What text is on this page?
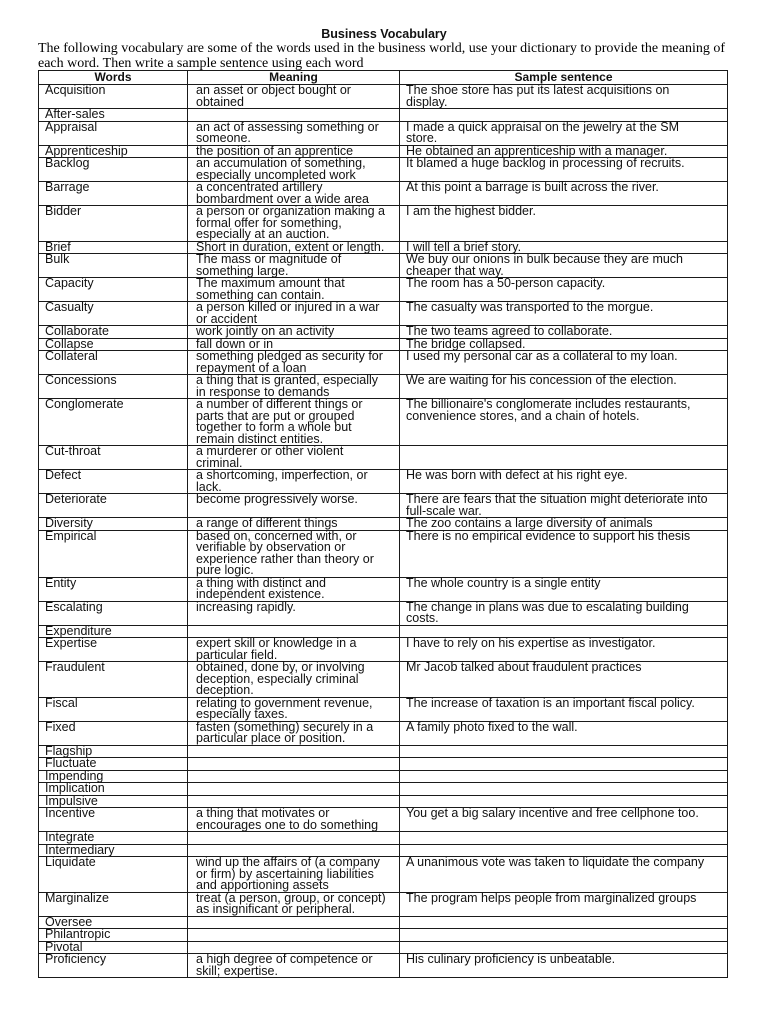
Business Vocabulary

The following vocabulary are some of the words used in the business world, use your dictionary to provide the meaning of each word. Then write a sample sentence using each word

Words	Meaning	Sample sentence
Acquisition	an asset or object bought or obtained	The shoe store has put its latest acquisitions on display.
After-sales		
Appraisal	an act of assessing something or someone.	I made a quick appraisal on the jewelry at the SM store.
Apprenticeship	the position of an apprentice	He obtained an apprenticeship with a manager.
Backlog	an accumulation of something, especially uncompleted work	It blamed a huge backlog in processing of recruits.
Barrage	a concentrated artillery bombardment over a wide area	At this point a barrage is built across the river.
Bidder	a person or organization making a formal offer for something, especially at an auction.	I am the highest bidder.
Brief	Short in duration, extent or length.	I will tell a brief story.
Bulk	The mass or magnitude of something large.	We buy our onions in bulk because they are much cheaper that way.
Capacity	The maximum amount that something can contain.	The room has a 50-person capacity.
Casualty	a person killed or injured in a war or accident	The casualty was transported to the morgue.
Collaborate	work jointly on an activity	The two teams agreed to collaborate.
Collapse	fall down or in	The bridge collapsed.
Collateral	something pledged as security for repayment of a loan	I used my personal car as a collateral to my loan.
Concessions	a thing that is granted, especially in response to demands	We are waiting for his concession of the election.
Conglomerate	a number of different things or parts that are put or grouped together to form a whole but remain distinct entities.	The billionaire's conglomerate includes restaurants, convenience stores, and a chain of hotels.
Cut-throat	a murderer or other violent criminal.	
Defect	a shortcoming, imperfection, or lack.	He was born with defect at his right eye.
Deteriorate	become progressively worse.	There are fears that the situation might deteriorate into full-scale war.
Diversity	a range of different things	The zoo contains a large diversity of animals
Empirical	based on, concerned with, or verifiable by observation or experience rather than theory or pure logic.	There is no empirical evidence to support his thesis
Entity	a thing with distinct and independent existence.	The whole country is a single entity
Escalating	increasing rapidly.	The change in plans was due to escalating building costs.
Expenditure		
Expertise	expert skill or knowledge in a particular field.	I have to rely on his expertise as investigator.
Fraudulent	obtained, done by, or involving deception, especially criminal deception.	Mr Jacob talked about fraudulent practices
Fiscal	relating to government revenue, especially taxes.	The increase of taxation is an important fiscal policy.
Fixed	fasten (something) securely in a particular place or position.	A family photo fixed to the wall.
Flagship		
Fluctuate		
Impending		
Implication		
Impulsive		
Incentive	a thing that motivates or encourages one to do something	You get a big salary incentive and free cellphone too.
Integrate		
Intermediary		
Liquidate	wind up the affairs of (a company or firm) by ascertaining liabilities and apportioning assets	A unanimous vote was taken to liquidate the company
Marginalize	treat (a person, group, or concept) as insignificant or peripheral.	The program helps people from marginalized groups
Oversee		
Philantropic		
Pivotal		
Proficiency	a high degree of competence or skill; expertise.	His culinary proficiency is unbeatable.
